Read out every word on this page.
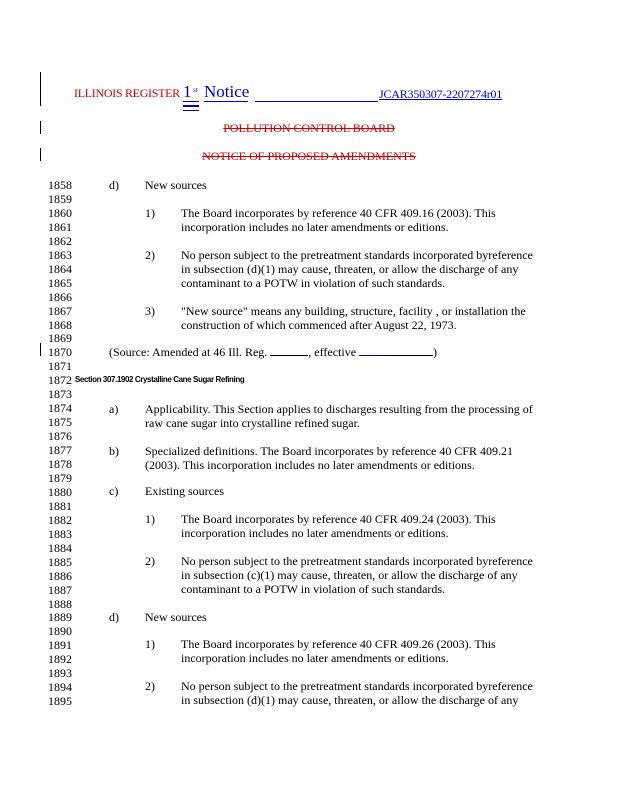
ILLINOIS REGISTER 1 st Notice	JCAR350307-2207274r01
POLLUTION CONTROL BOARD
NOTICE OF PROPOSED AMENDMENTS
1858
1859
1860
1861
1862
1863
1864
1865
1866
1867
1868
1869
1870
1871
1872
1873
1874
1875
1876
1877
1878
1879
1880
1881
1882
1883
1884
1885
1886
1887
1888
1889
1890
1891
1892
1893
1894
1895
d) New sources
1) The Board incorporates by reference 40 CFR 409.16 (2003). This
incorporation includes no later amendments or editions.
2) No person subject to the pretreatment standards incorporated byreference
in subsection (d)(1) may cause, threaten, or allow the discharge of any
contaminant to a POTW in violation of such standards.
3) "New source" means any building, structure, facility , or installation the
construction of which commenced after August 22, 1973.
(Source: Amended at 46 Ill. Reg.	, effective	)
Section 307.1902 Crystalline Cane Sugar Refining
a) Applicability. This Section applies to discharges resulting from the processing of
raw cane sugar into crystalline refined sugar.
b) Specialized definitions. The Board incorporates by reference 40 CFR 409.21
(2003). This incorporation includes no later amendments or editions.
c) Existing sources
1) The Board incorporates by reference 40 CFR 409.24 (2003). This
incorporation includes no later amendments or editions.
2) No person subject to the pretreatment standards incorporated byreference
in subsection (c)(1) may cause, threaten, or allow the discharge of any
contaminant to a POTW in violation of such standards.
d) New sources
1) The Board incorporates by reference 40 CFR 409.26 (2003). This
incorporation includes no later amendments or editions.
2) No person subject to the pretreatment standards incorporated byreference
in subsection (d)(1) may cause, threaten, or allow the discharge of any
